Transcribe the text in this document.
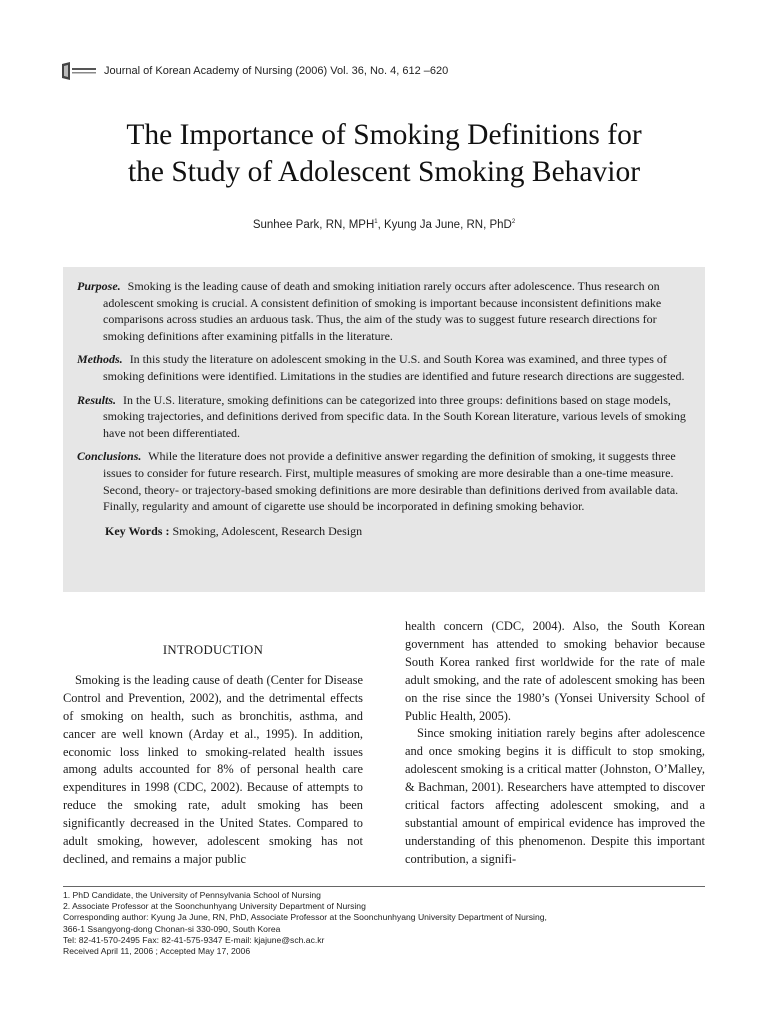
Journal of Korean Academy of Nursing (2006) Vol. 36, No. 4, 612 –620
The Importance of Smoking Definitions for
the Study of Adolescent Smoking Behavior
Sunhee Park, RN, MPH$^1$, Kyung Ja June, RN, PhD$^2$

Purpose. Smoking is the leading cause of death and smoking initiation rarely occurs after adolescence. Thus research on adolescent smoking is crucial. A consistent definition of smoking is important because inconsistent definitions make comparisons across studies an arduous task. Thus, the aim of the study was to suggest future research directions for smoking definitions after examining pitfalls in the literature.

Methods. In this study the literature on adolescent smoking in the U.S. and South Korea was examined, and three types of smoking definitions were identified. Limitations in the studies are identified and future research directions are suggested.

Results. In the U.S. literature, smoking definitions can be categorized into three groups: definitions based on stage models, smoking trajectories, and definitions derived from specific data. In the South Korean literature, various levels of smoking have not been differentiated.

Conclusions. While the literature does not provide a definitive answer regarding the definition of smoking, it suggests three issues to consider for future research. First, multiple measures of smoking are more desirable than a one-time measure. Second, theory- or trajectory-based smoking definitions are more desirable than definitions derived from available data. Finally, regularity and amount of cigarette use should be incorporated in defining smoking behavior.

Key Words : Smoking, Adolescent, Research Design
INTRODUCTION

Smoking is the leading cause of death (Center for Disease Control and Prevention, 2002), and the detrimental effects of smoking on health, such as bronchitis, asthma, and cancer are well known (Arday et al., 1995). In addition, economic loss linked to smoking-related health issues among adults accounted for 8% of personal health care expenditures in 1998 (CDC, 2002). Because of attempts to reduce the smoking rate, adult smoking has been significantly decreased in the United States. Compared to adult smoking, however, adolescent smoking has not declined, and remains a major public

health concern (CDC, 2004). Also, the South Korean government has attended to smoking behavior because South Korea ranked first worldwide for the rate of male adult smoking, and the rate of adolescent smoking has been on the rise since the 1980’s (Yonsei University School of Public Health, 2005).

Since smoking initiation rarely begins after adolescence and once smoking begins it is difficult to stop smoking, adolescent smoking is a critical matter (Johnston, O’Malley, & Bachman, 2001). Researchers have attempted to discover critical factors affecting adolescent smoking, and a substantial amount of empirical evidence has improved the understanding of this phenomenon. Despite this important contribution, a signifi-

1. PhD Candidate, the University of Pennsylvania School of Nursing
2. Associate Professor at the Soonchunhyang University Department of Nursing
Corresponding author: Kyung Ja June, RN, PhD, Associate Professor at the Soonchunhyang University Department of Nursing,
366-1 Ssangyong-dong Chonan-si 330-090, South Korea
Tel: 82-41-570-2495 Fax: 82-41-575-9347 E-mail: kjajune@sch.ac.kr
Received April 11, 2006 ; Accepted May 17, 2006
